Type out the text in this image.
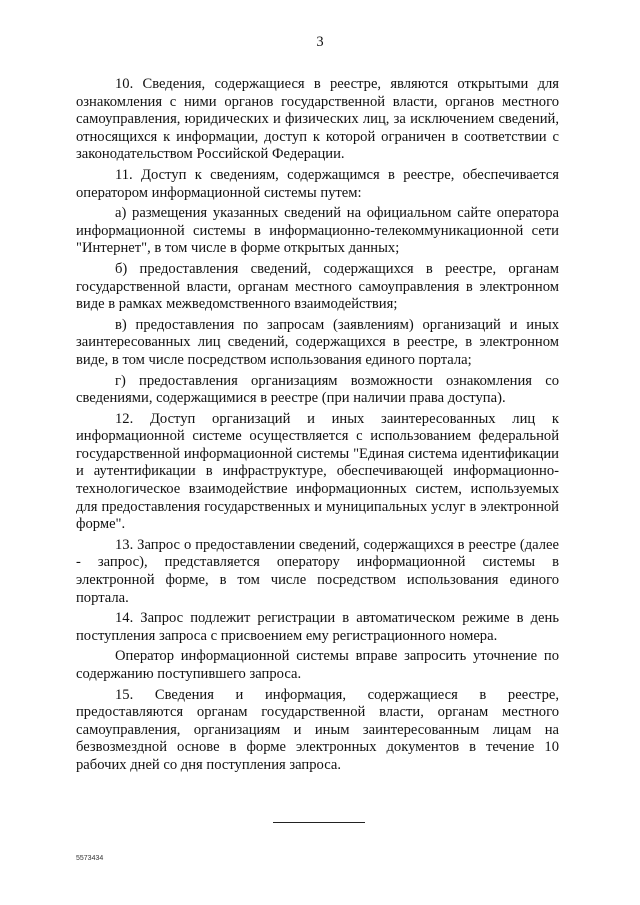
3

10. Сведения, содержащиеся в реестре, являются открытыми для ознакомления с ними органов государственной власти, органов местного самоуправления, юридических и физических лиц, за исключением сведений, относящихся к информации, доступ к которой ограничен в соответствии с законодательством Российской Федерации.

11. Доступ к сведениям, содержащимся в реестре, обеспечивается оператором информационной системы путем:

а) размещения указанных сведений на официальном сайте оператора информационной системы в информационно-телекоммуникационной сети "Интернет", в том числе в форме открытых данных;

б) предоставления сведений, содержащихся в реестре, органам государственной власти, органам местного самоуправления в электронном виде в рамках межведомственного взаимодействия;

в) предоставления по запросам (заявлениям) организаций и иных заинтересованных лиц сведений, содержащихся в реестре, в электронном виде, в том числе посредством использования единого портала;

г) предоставления организациям возможности ознакомления со сведениями, содержащимися в реестре (при наличии права доступа).

12. Доступ организаций и иных заинтересованных лиц к информационной системе осуществляется с использованием федеральной государственной информационной системы "Единая система идентификации и аутентификации в инфраструктуре, обеспечивающей информационно-технологическое взаимодействие информационных систем, используемых для предоставления государственных и муниципальных услуг в электронной форме".

13. Запрос о предоставлении сведений, содержащихся в реестре (далее - запрос), представляется оператору информационной системы в электронной форме, в том числе посредством использования единого портала.

14. Запрос подлежит регистрации в автоматическом режиме в день поступления запроса с присвоением ему регистрационного номера.

Оператор информационной системы вправе запросить уточнение по содержанию поступившего запроса.

15. Сведения и информация, содержащиеся в реестре, предоставляются органам государственной власти, органам местного самоуправления, организациям и иным заинтересованным лицам на безвозмездной основе в форме электронных документов в течение 10 рабочих дней со дня поступления запроса.

5573434
